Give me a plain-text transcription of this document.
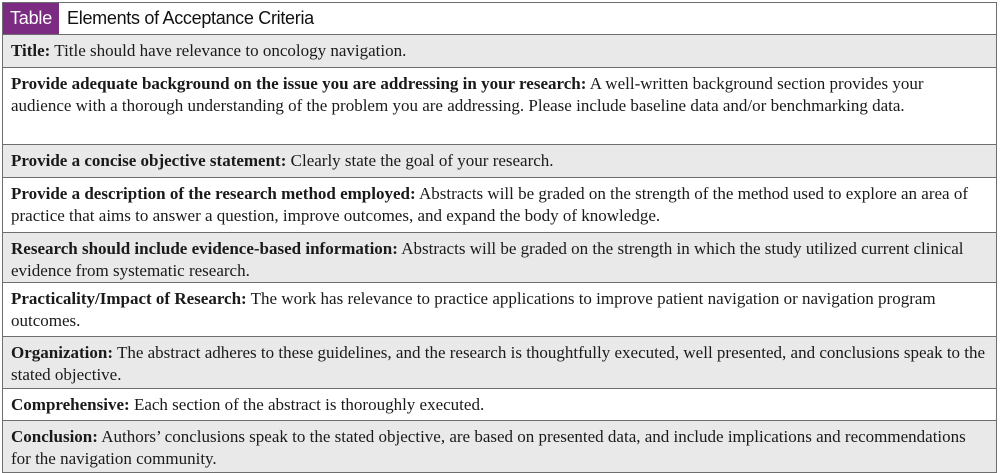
Table Elements of Acceptance Criteria
Title: Title should have relevance to oncology navigation.
Provide adequate background on the issue you are addressing in your research: A well-written background section provides your audience with a thorough understanding of the problem you are addressing. Please include baseline data and/or benchmarking data.
Provide a concise objective statement: Clearly state the goal of your research.
Provide a description of the research method employed: Abstracts will be graded on the strength of the method used to explore an area of practice that aims to answer a question, improve outcomes, and expand the body of knowledge.
Research should include evidence-based information: Abstracts will be graded on the strength in which the study utilized current clinical evidence from systematic research.
Practicality/Impact of Research: The work has relevance to practice applications to improve patient navigation or navigation program outcomes.
Organization: The abstract adheres to these guidelines, and the research is thoughtfully executed, well presented, and conclusions speak to the stated objective.
Comprehensive: Each section of the abstract is thoroughly executed.
Conclusion: Authors’ conclusions speak to the stated objective, are based on presented data, and include implications and recommendations for the navigation community.
